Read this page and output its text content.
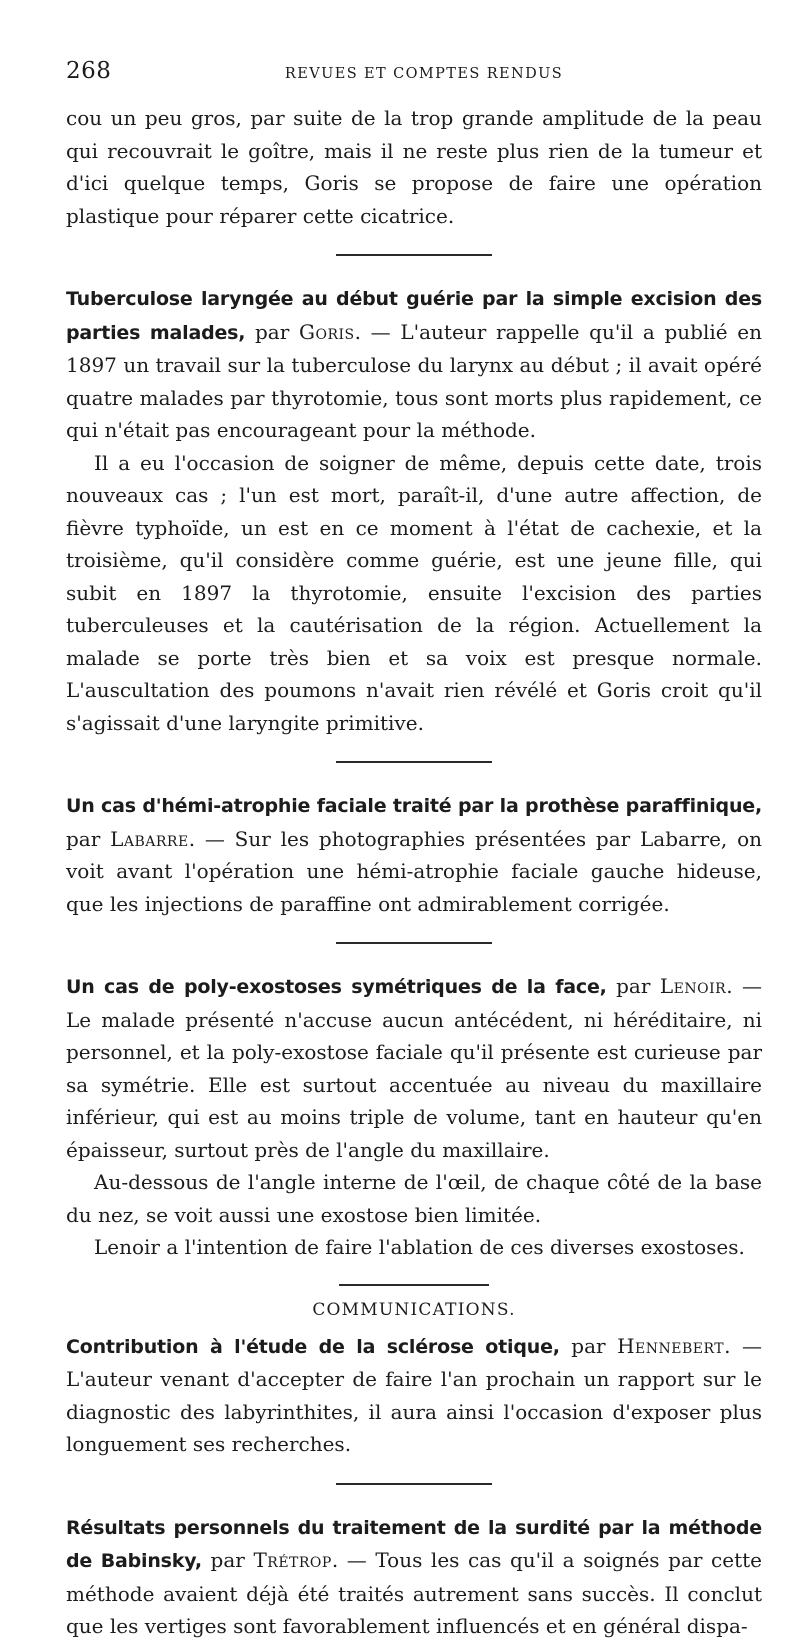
268	REVUES ET COMPTES RENDUS

cou un peu gros, par suite de la trop grande amplitude de la peau qui recouvrait le goître, mais il ne reste plus rien de la tumeur et d'ici quelque temps, Goris se propose de faire une opération plastique pour réparer cette cicatrice.

Tuberculose laryngée au début guérie par la simple excision des parties malades, par Goris. — L'auteur rappelle qu'il a publié en 1897 un travail sur la tuberculose du larynx au début ; il avait opéré quatre malades par thyrotomie, tous sont morts plus rapidement, ce qui n'était pas encourageant pour la méthode.

Il a eu l'occasion de soigner de même, depuis cette date, trois nouveaux cas ; l'un est mort, paraît-il, d'une autre affection, de fièvre typhoïde, un est en ce moment à l'état de cachexie, et la troisième, qu'il considère comme guérie, est une jeune fille, qui subit en 1897 la thyrotomie, ensuite l'excision des parties tuberculeuses et la cautérisation de la région. Actuellement la malade se porte très bien et sa voix est presque normale. L'auscultation des poumons n'avait rien révélé et Goris croit qu'il s'agissait d'une laryngite primitive.

Un cas d'hémi-atrophie faciale traité par la prothèse paraffinique, par Labarre. — Sur les photographies présentées par Labarre, on voit avant l'opération une hémi-atrophie faciale gauche hideuse, que les injections de paraffine ont admirablement corrigée.

Un cas de poly-exostoses symétriques de la face, par Lenoir. — Le malade présenté n'accuse aucun antécédent, ni héréditaire, ni personnel, et la poly-exostose faciale qu'il présente est curieuse par sa symétrie. Elle est surtout accentuée au niveau du maxillaire inférieur, qui est au moins triple de volume, tant en hauteur qu'en épaisseur, surtout près de l'angle du maxillaire.

Au-dessous de l'angle interne de l'œil, de chaque côté de la base du nez, se voit aussi une exostose bien limitée.

Lenoir a l'intention de faire l'ablation de ces diverses exostoses.

COMMUNICATIONS.

Contribution à l'étude de la sclérose otique, par Hennebert. — L'auteur venant d'accepter de faire l'an prochain un rapport sur le diagnostic des labyrinthites, il aura ainsi l'occasion d'exposer plus longuement ses recherches.

Résultats personnels du traitement de la surdité par la méthode de Babinsky, par Trétrop. — Tous les cas qu'il a soignés par cette méthode avaient déjà été traités autrement sans succès. Il conclut que les vertiges sont favorablement influencés et en général dispa-
